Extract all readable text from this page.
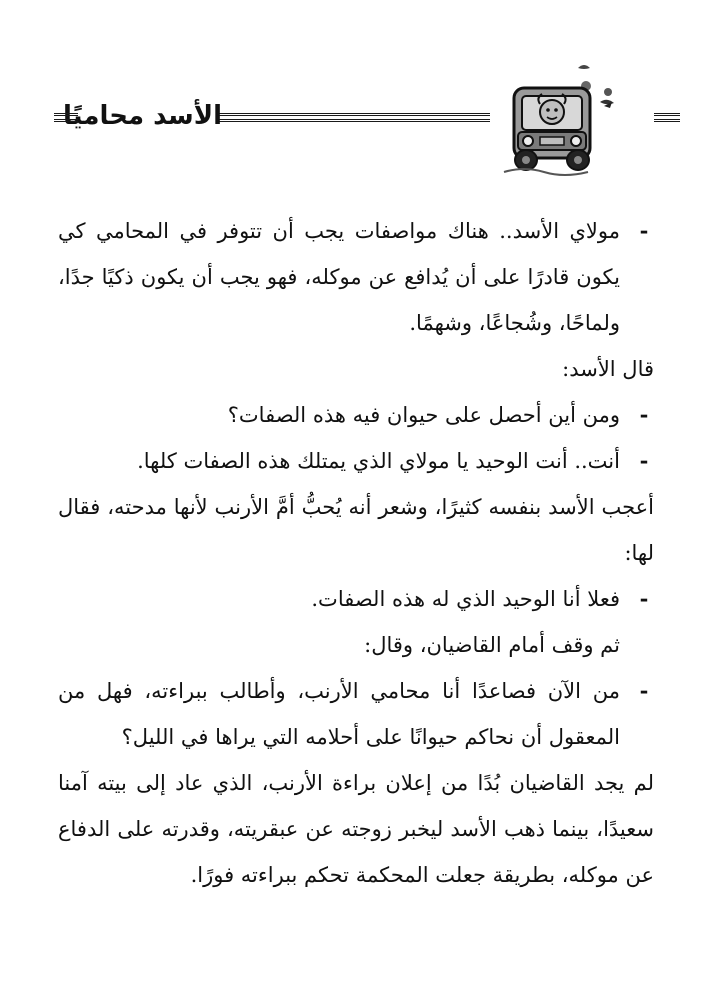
الأسد محاميًا

-
مولاي الأسد.. هناك مواصفات يجب أن تتوفر في المحامي كي يكون قادرًا على أن يُدافع عن موكله، فهو يجب أن يكون ذكيًا جدًا، ولماحًا، وشُجاعًا، وشهمًا.

قال الأسد:

-
ومن أين أحصل على حيوان فيه هذه الصفات؟

-
أنت.. أنت الوحيد يا مولاي الذي يمتلك هذه الصفات كلها.

أعجب الأسد بنفسه كثيرًا، وشعر أنه يُحبُّ أمَّ الأرنب لأنها مدحته، فقال لها:

-
فعلا أنا الوحيد الذي له هذه الصفات.

ثم وقف أمام القاضيان، وقال:

-
من الآن فصاعدًا أنا محامي الأرنب، وأطالب ببراءته، فهل من المعقول أن نحاكم حيوانًا على أحلامه التي يراها في الليل؟

لم يجد القاضيان بُدًا من إعلان براءة الأرنب، الذي عاد إلى بيته آمنا سعيدًا، بينما ذهب الأسد ليخبر زوجته عن عبقريته، وقدرته على الدفاع عن موكله، بطريقة جعلت المحكمة تحكم ببراءته فورًا.
